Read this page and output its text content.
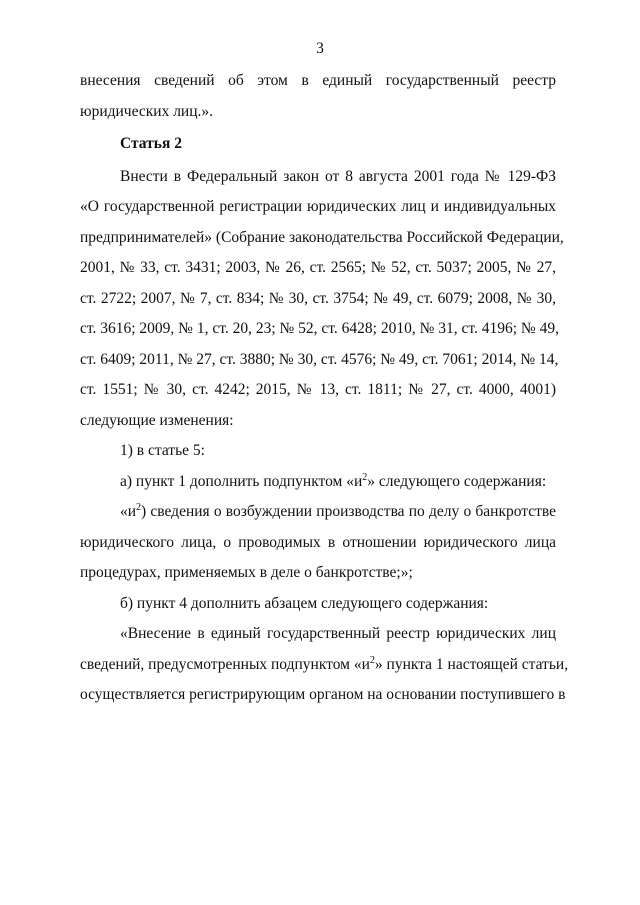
3
внесения сведений об этом в единый государственный реестр
юридических лиц.».
Статья 2
Внести в Федеральный закон от 8 августа 2001 года № 129-ФЗ
«О государственной регистрации юридических лиц и индивидуальных
предпринимателей» (Собрание законодательства Российской Федерации,
2001, № 33, ст. 3431; 2003, № 26, ст. 2565; № 52, ст. 5037; 2005, № 27,
ст. 2722; 2007, № 7, ст. 834; № 30, ст. 3754; № 49, ст. 6079; 2008, № 30,
ст. 3616; 2009, № 1, ст. 20, 23; № 52, ст. 6428; 2010, № 31, ст. 4196; № 49,
ст. 6409; 2011, № 27, ст. 3880; № 30, ст. 4576; № 49, ст. 7061; 2014, № 14,
ст. 1551; № 30, ст. 4242; 2015, № 13, ст. 1811; № 27, ст. 4000, 4001)
следующие изменения:
1) в статье 5:
а) пункт 1 дополнить подпунктом «$и^2$» следующего содержания:
«$и^2$) сведения о возбуждении производства по делу о банкротстве
юридического лица, о проводимых в отношении юридического лица
процедурах, применяемых в деле о банкротстве;»;
б) пункт 4 дополнить абзацем следующего содержания:
«Внесение в единый государственный реестр юридических лиц
сведений, предусмотренных подпунктом «$и^2$» пункта 1 настоящей статьи,
осуществляется регистрирующим органом на основании поступившего в
